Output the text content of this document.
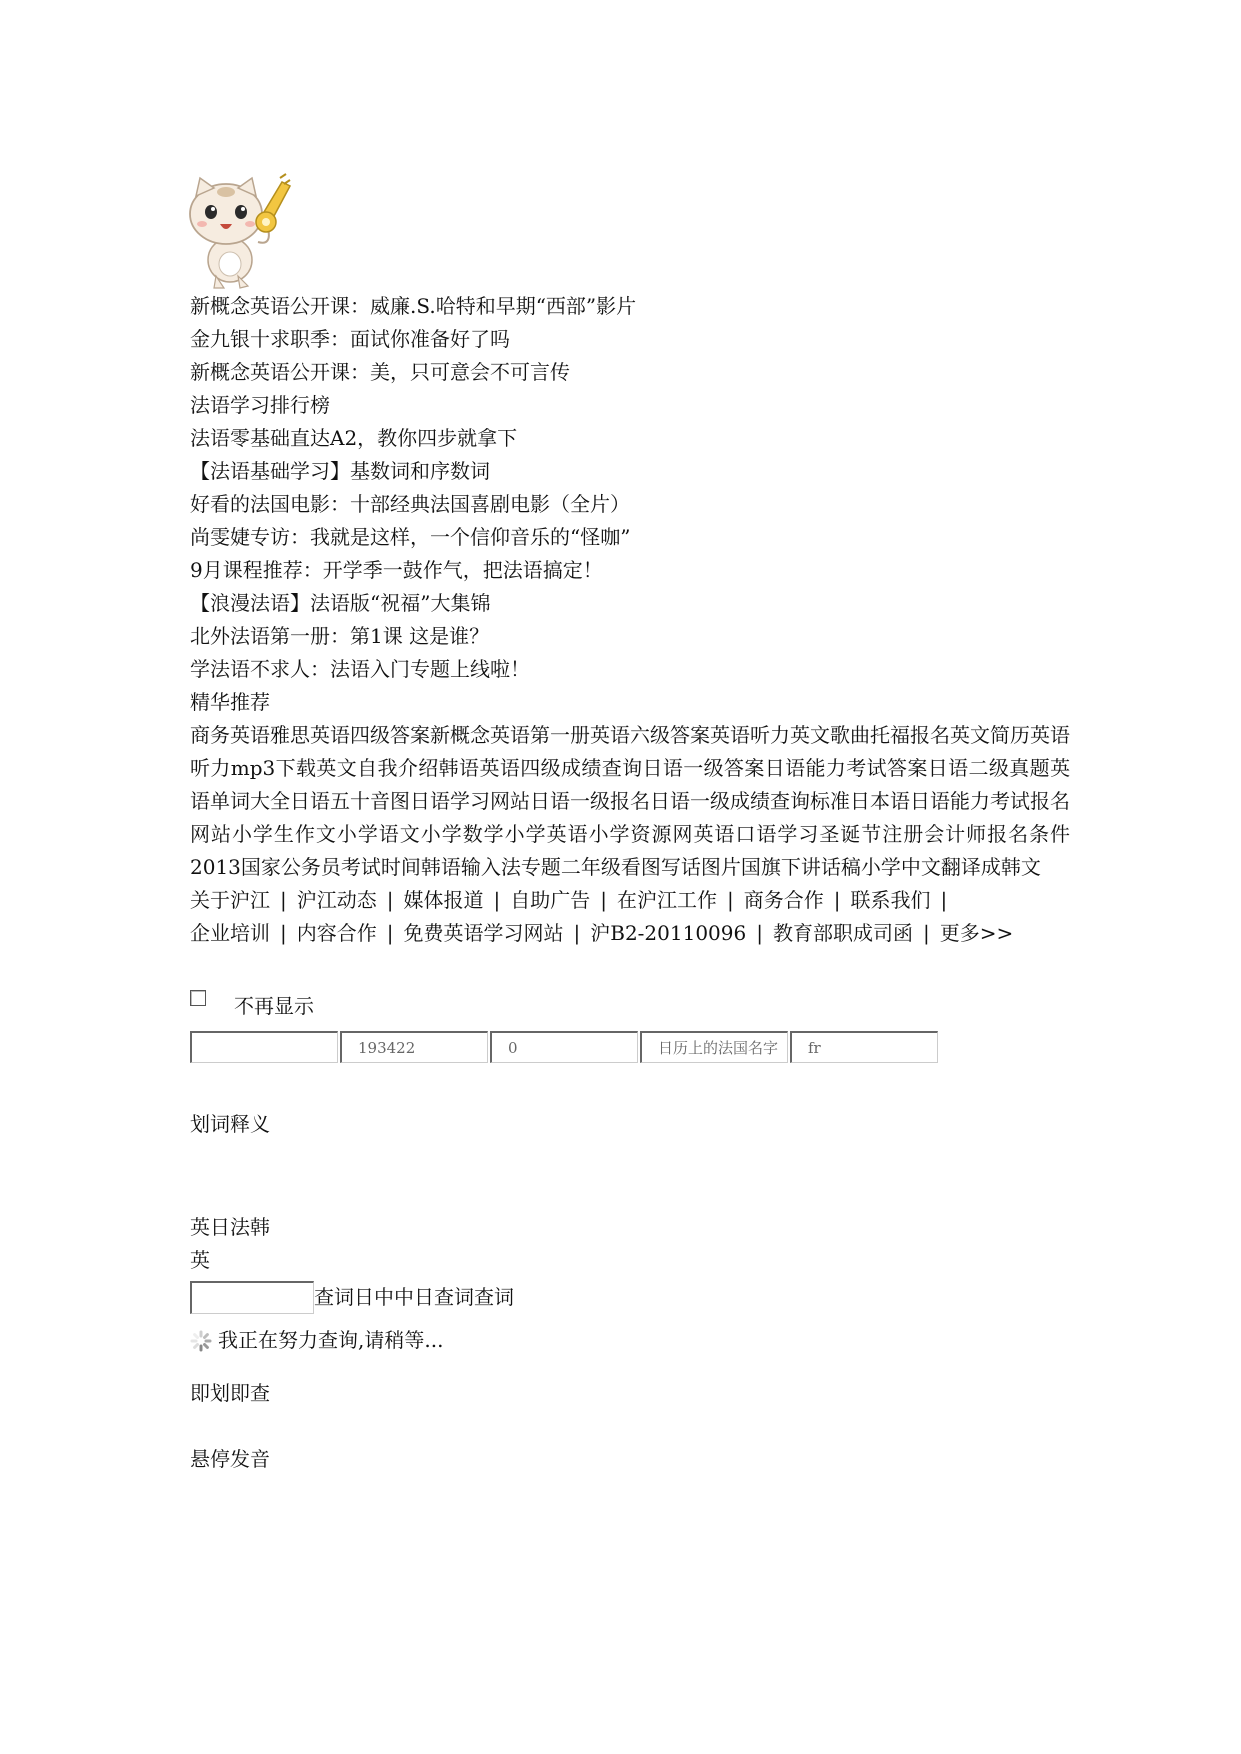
新概念英语公开课：威廉.S.哈特和早期“西部”影片
金九银十求职季：面试你准备好了吗
新概念英语公开课：美，只可意会不可言传
法语学习排行榜
法语零基础直达A2，教你四步就拿下
【法语基础学习】基数词和序数词
好看的法国电影：十部经典法国喜剧电影（全片）
尚雯婕专访：我就是这样，一个信仰音乐的“怪咖”
9月课程推荐：开学季一鼓作气，把法语搞定！
【浪漫法语】法语版“祝福”大集锦
北外法语第一册：第1课 这是谁？
学法语不求人：法语入门专题上线啦！
精华推荐

商务英语雅思英语四级答案新概念英语第一册英语六级答案英语听力英文歌曲托福报名英文简历英语听力mp3下载英文自我介绍韩语英语四级成绩查询日语一级答案日语能力考试答案日语二级真题英语单词大全日语五十音图日语学习网站日语一级报名日语一级成绩查询标准日本语日语能力考试报名网站小学生作文小学语文小学数学小学英语小学资源网英语口语学习圣诞节注册会计师报名条件2013国家公务员考试时间韩语输入法专题二年级看图写话图片国旗下讲话稿小学中文翻译成韩文

关于沪江 | 沪江动态 | 媒体报道 | 自助广告 | 在沪江工作 | 商务合作 | 联系我们 |
企业培训 | 内容合作 | 免费英语学习网站 | 沪B2-20110096 | 教育部职成司函 | 更多>>

不再显示
193422	0	日历上的法国名字	fr
划词释义
英日法韩
英
查词日中中日查词查词
我正在努力查询,请稍等...
即划即查
悬停发音
